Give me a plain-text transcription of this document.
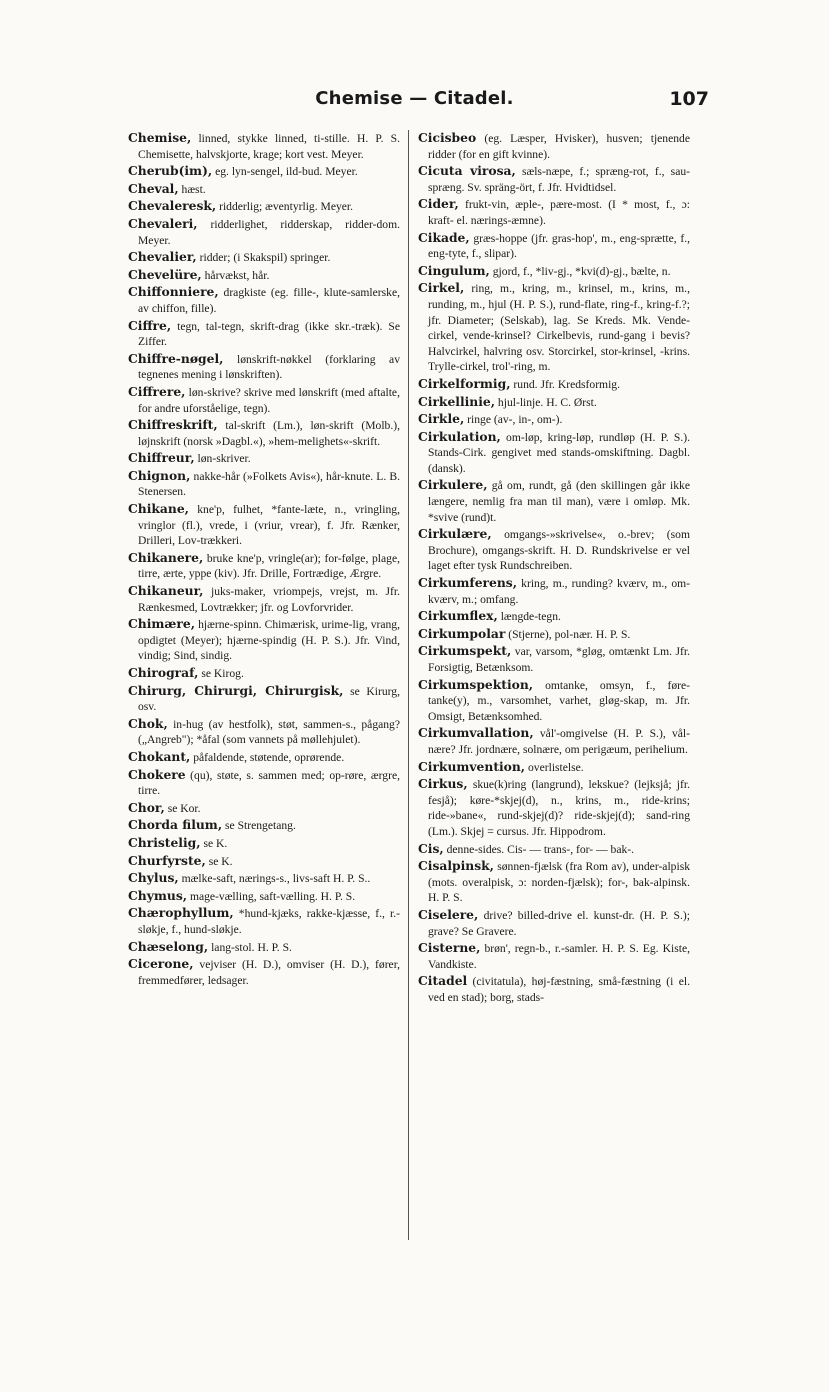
Chemise — Citadel.	107

Chemise, linned, stykke linned, ti-stille. H. P. S. Chemisette, halvskjorte, krage; kort vest. Meyer.

Cherub(im), eg. lyn-sengel, ild-bud. Meyer.

Cheval, hæst.

Chevaleresk, ridderlig; æventyrlig. Meyer.

Chevaleri, ridderlighet, ridderskap, ridder-dom. Meyer.

Chevalier, ridder; (i Skakspil) springer.

Chevelüre, hårvækst, hår.

Chiffonniere, dragkiste (eg. fille-, klute-samlerske, av chiffon, fille).

Ciffre, tegn, tal-tegn, skrift-drag (ikke skr.-træk). Se Ziffer.

Chiffre-nøgel, lønskrift-nøkkel (forklaring av tegnenes mening i lønskriften).

Ciffrere, løn-skrive? skrive med lønskrift (med aftalte, for andre uforståelige, tegn).

Chiffreskrift, tal-skrift (Lm.), løn-skrift (Molb.), løjnskrift (norsk »Dagbl.«), »hem-melighets«-skrift.

Chiffreur, løn-skriver.

Chignon, nakke-hår (»Folkets Avis«), hår-knute. L. B. Stenersen.

Chikane, kne'p, fulhet, *fante-læte, n., vringling, vringlor (fl.), vrede, i (vriur, vrear), f. Jfr. Rænker, Drilleri, Lov-trækkeri.

Chikanere, bruke kne'p, vringle(ar); for-følge, plage, tirre, ærte, yppe (kiv). Jfr. Drille, Fortrædige, Ærgre.

Chikaneur, juks-maker, vriompejs, vrejst, m. Jfr. Rænkesmed, Lovtrækker; jfr. og Lovforvrider.

Chimære, hjærne-spinn. Chimærisk, urime-lig, vrang, opdigtet (Meyer); hjærne-spindig (H. P. S.). Jfr. Vind, vindig; Sind, sindig.

Chirograf, se Kirog.

Chirurg, Chirurgi, Chirurgisk, se Kirurg, osv.

Chok, in-hug (av hestfolk), støt, sammen-s., pågang? („Angreb"); *åfal (som vannets på møllehjulet).

Chokant, påfaldende, støtende, oprørende.

Chokere (qu), støte, s. sammen med; op-røre, ærgre, tirre.

Chor, se Kor.

Chorda filum, se Strengetang.

Christelig, se K.

Churfyrste, se K.

Chylus, mælke-saft, nærings-s., livs-saft H. P. S..

Chymus, mage-vælling, saft-vælling. H. P. S.

Chærophyllum, *hund-kjæks, rakke-kjæsse, f., r.-sløkje, f., hund-sløkje.

Chæselong, lang-stol. H. P. S.

Cicerone, vejviser (H. D.), omviser (H. D.), fører, fremmedfører, ledsager.

Cicisbeo (eg. Læsper, Hvisker), husven; tjenende ridder (for en gift kvinne).

Cicuta virosa, sæls-næpe, f.; spræng-rot, f., sau-spræng. Sv. spräng-ört, f. Jfr. Hvidtidsel.

Cider, frukt-vin, æple-, pære-most. (I * most, f., ɔ: kraft- el. nærings-æmne).

Cikade, græs-hoppe (jfr. gras-hop', m., eng-sprætte, f., eng-tyte, f., slipar).

Cingulum, gjord, f., *liv-gj., *kvi(d)-gj., bælte, n.

Cirkel, ring, m., kring, m., krinsel, m., krins, m., runding, m., hjul (H. P. S.), rund-flate, ring-f., kring-f.?; jfr. Diameter; (Selskab), lag. Se Kreds. Mk. Vende-cirkel, vende-krinsel? Cirkelbevis, rund-gang i bevis? Halvcirkel, halvring osv. Storcirkel, stor-krinsel, -krins. Trylle-cirkel, trol'-ring, m.

Cirkelformig, rund. Jfr. Kredsformig.

Cirkellinie, hjul-linje. H. C. Ørst.

Cirkle, ringe (av-, in-, om-).

Cirkulation, om-løp, kring-løp, rundløp (H. P. S.). Stands-Cirk. gengivet med stands-omskiftning. Dagbl. (dansk).

Cirkulere, gå om, rundt, gå (den skillingen går ikke længere, nemlig fra man til man), være i omløp. Mk. *svive (rund)t.

Cirkulære, omgangs-»skrivelse«, o.-brev; (som Brochure), omgangs-skrift. H. D. Rundskrivelse er vel laget efter tysk Rundschreiben.

Cirkumferens, kring, m., runding? kværv, m., om-kværv, m.; omfang.

Cirkumflex, længde-tegn.

Cirkumpolar (Stjerne), pol-nær. H. P. S.

Cirkumspekt, var, varsom, *gløg, omtænkt Lm. Jfr. Forsigtig, Betænksom.

Cirkumspektion, omtanke, omsyn, f., føre-tanke(y), m., varsomhet, varhet, gløg-skap, m. Jfr. Omsigt, Betænksomhed.

Cirkumvallation, vål'-omgivelse (H. P. S.), vål-nære? Jfr. jordnære, solnære, om perigæum, perihelium.

Cirkumvention, overlistelse.

Cirkus, skue(k)ring (langrund), lekskue? (lejksjå; jfr. fesjå); køre-*skjej(d), n., krins, m., ride-krins; ride-»bane«, rund-skjej(d)? ride-skjej(d); sand-ring (Lm.). Skjej = cursus. Jfr. Hippodrom.

Cis, denne-sides. Cis- — trans-, for- — bak-.

Cisalpinsk, sønnen-fjælsk (fra Rom av), under-alpisk (mots. overalpisk, ɔ: norden-fjælsk); for-, bak-alpinsk. H. P. S.

Ciselere, drive? billed-drive el. kunst-dr. (H. P. S.); grave? Se Gravere.

Cisterne, brøn', regn-b., r.-samler. H. P. S. Eg. Kiste, Vandkiste.

Citadel (civitatula), høj-fæstning, små-fæstning (i el. ved en stad); borg, stads-
